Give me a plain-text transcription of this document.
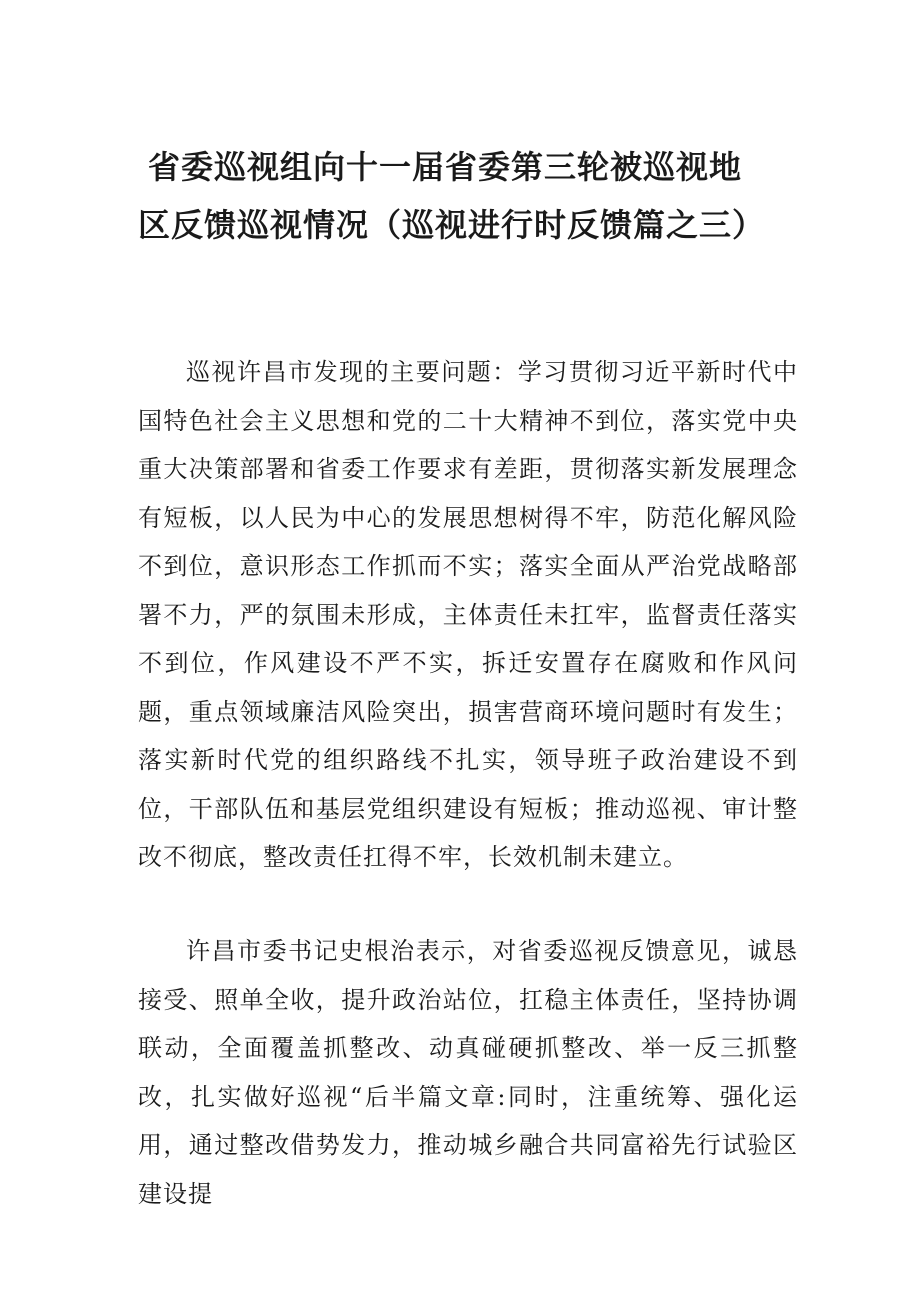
省委巡视组向十一届省委第三轮被巡视地
区反馈巡视情况（巡视进行时反馈篇之三）

巡视许昌市发现的主要问题：学习贯彻习近平新时代中国特色社会主义思想和党的二十大精神不到位，落实党中央重大决策部署和省委工作要求有差距，贯彻落实新发展理念有短板，以人民为中心的发展思想树得不牢，防范化解风险不到位，意识形态工作抓而不实；落实全面从严治党战略部署不力，严的氛围未形成，主体责任未扛牢，监督责任落实不到位，作风建设不严不实，拆迁安置存在腐败和作风问题，重点领域廉洁风险突出，损害营商环境问题时有发生；落实新时代党的组织路线不扎实，领导班子政治建设不到位，干部队伍和基层党组织建设有短板；推动巡视、审计整改不彻底，整改责任扛得不牢，长效机制未建立。

许昌市委书记史根治表示，对省委巡视反馈意见，诚恳接受、照单全收，提升政治站位，扛稳主体责任，坚持协调联动，全面覆盖抓整改、动真碰硬抓整改、举一反三抓整改，扎实做好巡视“后半篇文章:同时，注重统筹、强化运用，通过整改借势发力，推动城乡融合共同富裕先行试验区建设提
